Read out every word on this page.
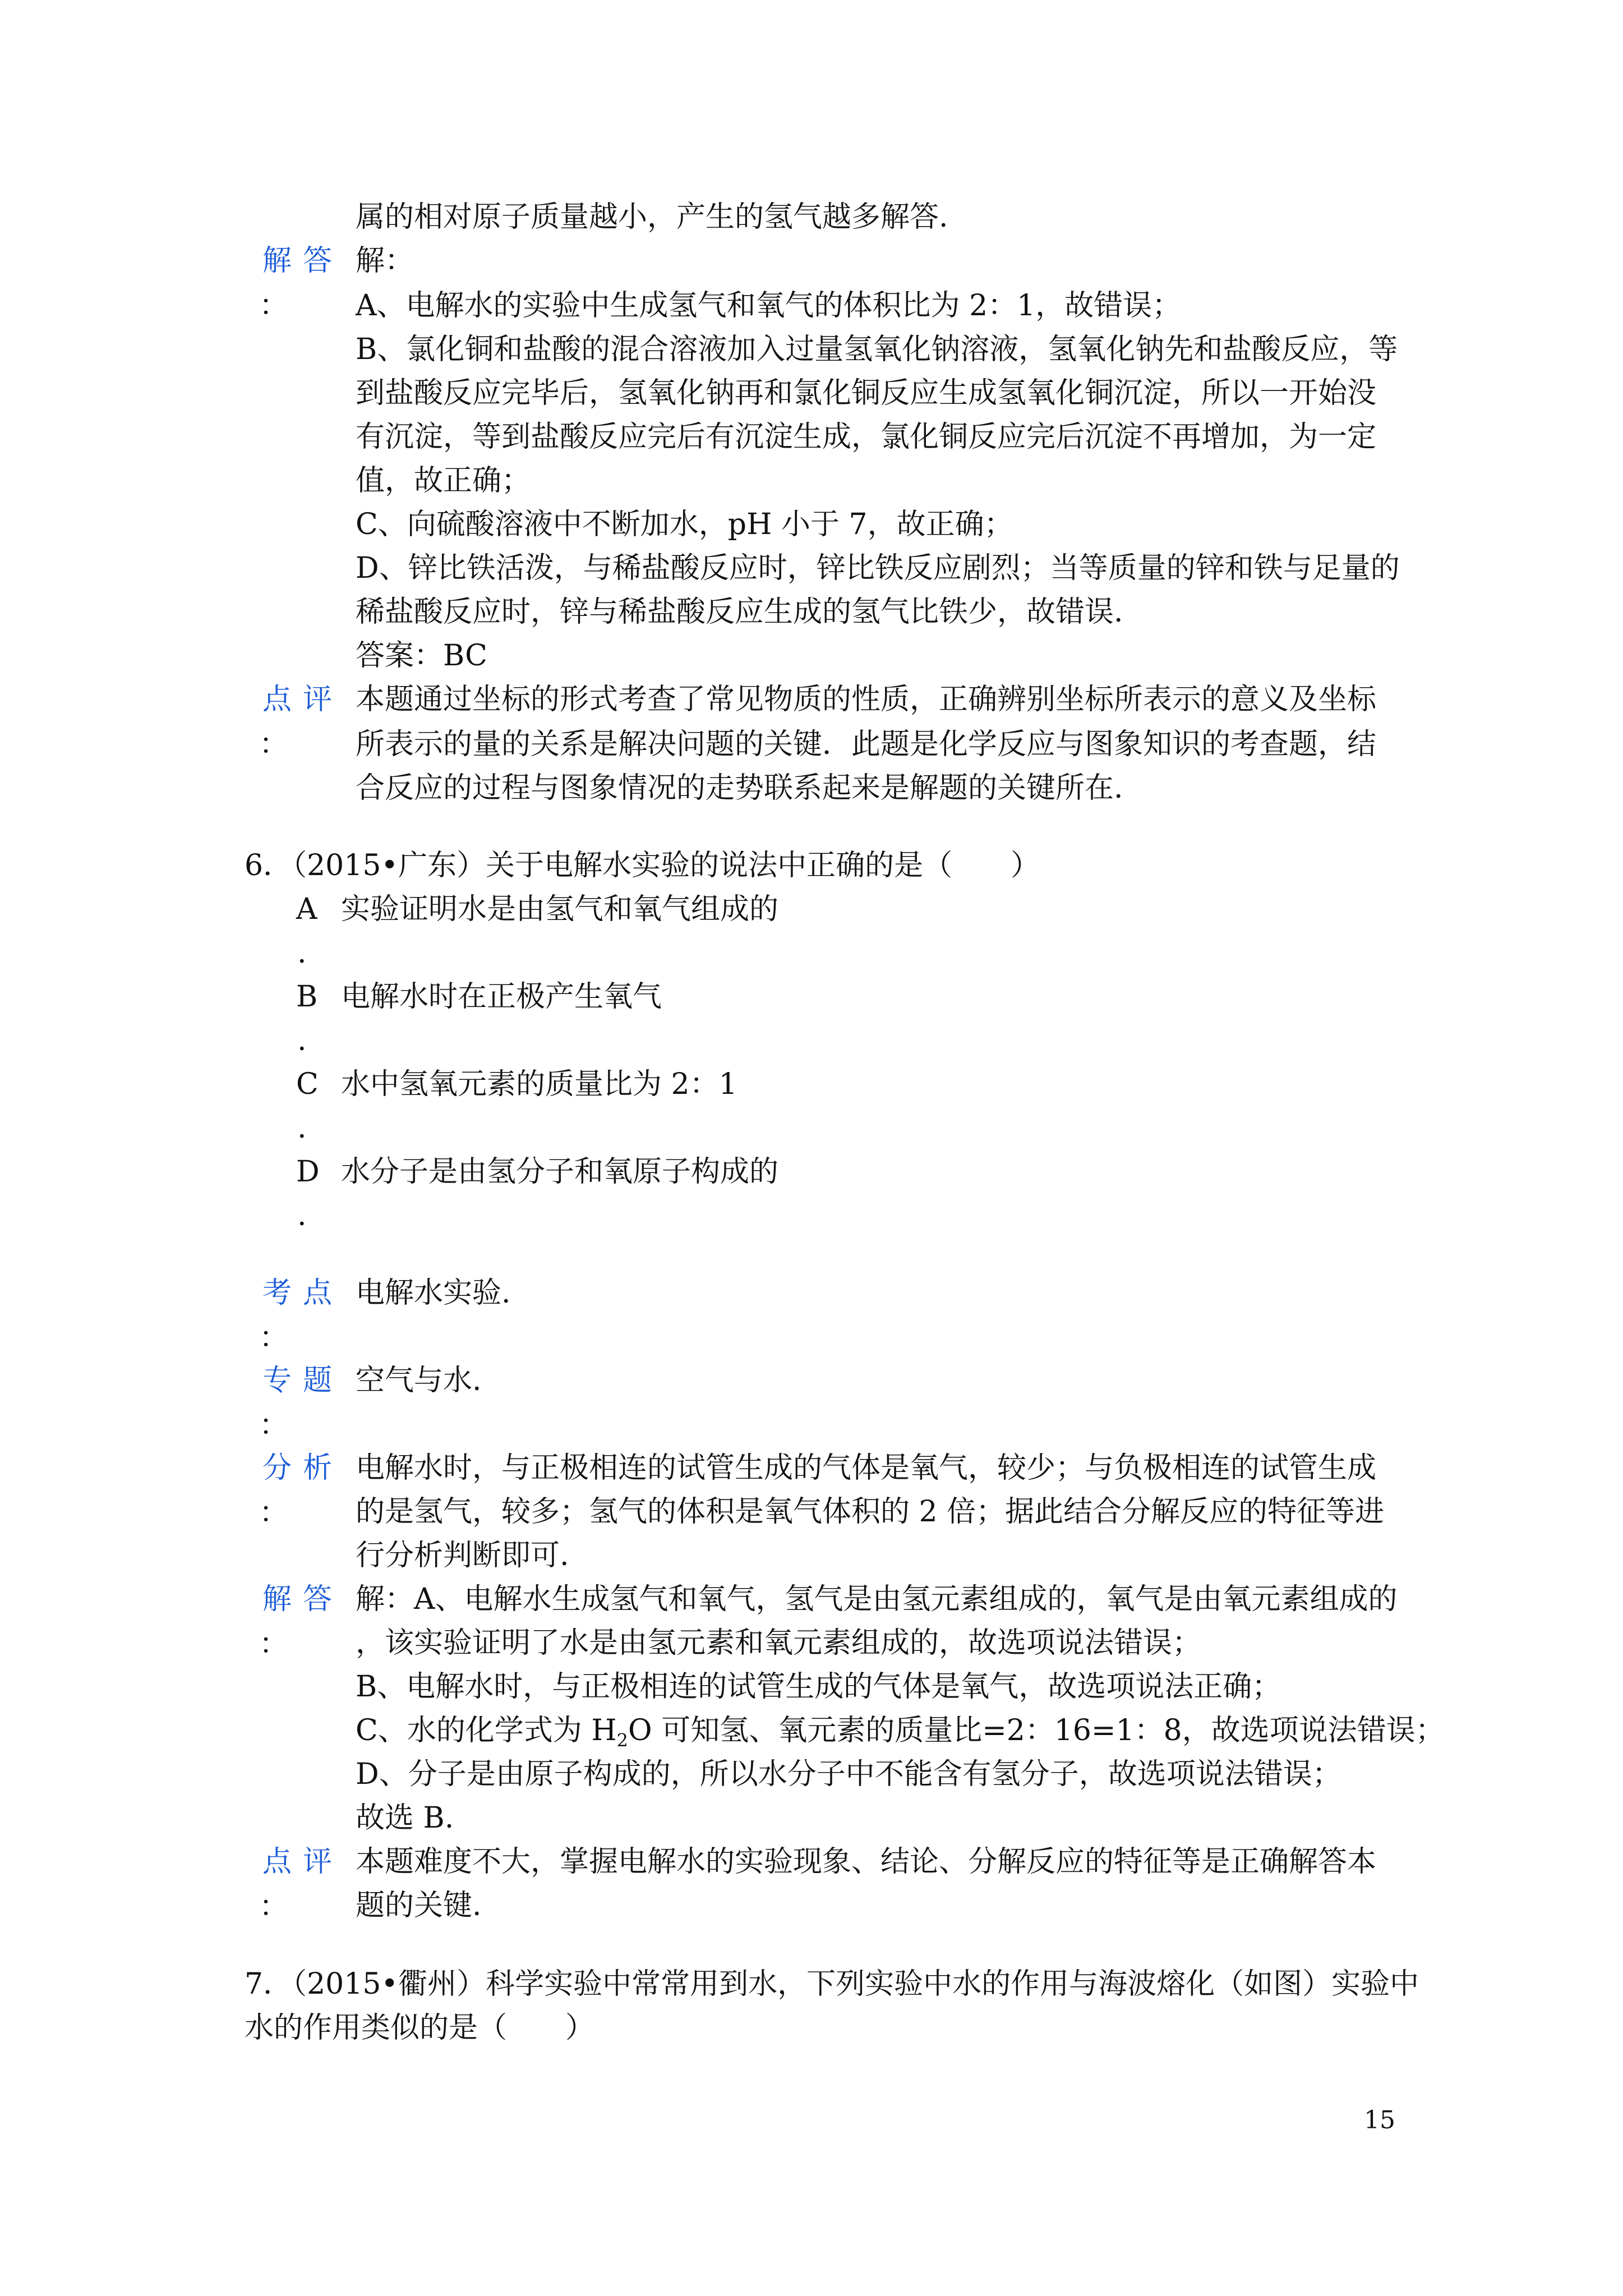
属的相对原子质量越小，产生的氢气越多解答.
解答
：
解：
A、电解水的实验中生成氢气和氧气的体积比为 2：1，故错误；
B、氯化铜和盐酸的混合溶液加入过量氢氧化钠溶液，氢氧化钠先和盐酸反应，等
到盐酸反应完毕后，氢氧化钠再和氯化铜反应生成氢氧化铜沉淀，所以一开始没
有沉淀，等到盐酸反应完后有沉淀生成，氯化铜反应完后沉淀不再增加，为一定
值，故正确；
C、向硫酸溶液中不断加水，pH 小于 7，故正确；
D、锌比铁活泼，与稀盐酸反应时，锌比铁反应剧烈；当等质量的锌和铁与足量的
稀盐酸反应时，锌与稀盐酸反应生成的氢气比铁少，故错误.
答案：BC
点评
：
本题通过坐标的形式考查了常见物质的性质，正确辨别坐标所表示的意义及坐标
所表示的量的关系是解决问题的关键．此题是化学反应与图象知识的考查题，结
合反应的过程与图象情况的走势联系起来是解题的关键所在.
6．（2015•广东）关于电解水实验的说法中正确的是（　　）
A 实验证明水是由氢气和氧气组成的
.
B 电解水时在正极产生氧气
.
C 水中氢氧元素的质量比为 2：1
.
D 水分子是由氢分子和氧原子构成的
.
考点
：
电解水实验.
专题
：
空气与水.
分析
：
电解水时，与正极相连的试管生成的气体是氧气，较少；与负极相连的试管生成
的是氢气，较多；氢气的体积是氧气体积的 2 倍；据此结合分解反应的特征等进
行分析判断即可.
解答
：
解：A、电解水生成氢气和氧气，氢气是由氢元素组成的，氧气是由氧元素组成的
，该实验证明了水是由氢元素和氧元素组成的，故选项说法错误；
B、电解水时，与正极相连的试管生成的气体是氧气，故选项说法正确；
C、水的化学式为 $H_2O$ 可知氢、氧元素的质量比=2：16=1：8，故选项说法错误；
D、分子是由原子构成的，所以水分子中不能含有氢分子，故选项说法错误；
故选 B.
点评
：
本题难度不大，掌握电解水的实验现象、结论、分解反应的特征等是正确解答本
题的关键.
7．（2015•衢州）科学实验中常常用到水，下列实验中水的作用与海波熔化（如图）实验中
水的作用类似的是（　　）
15
